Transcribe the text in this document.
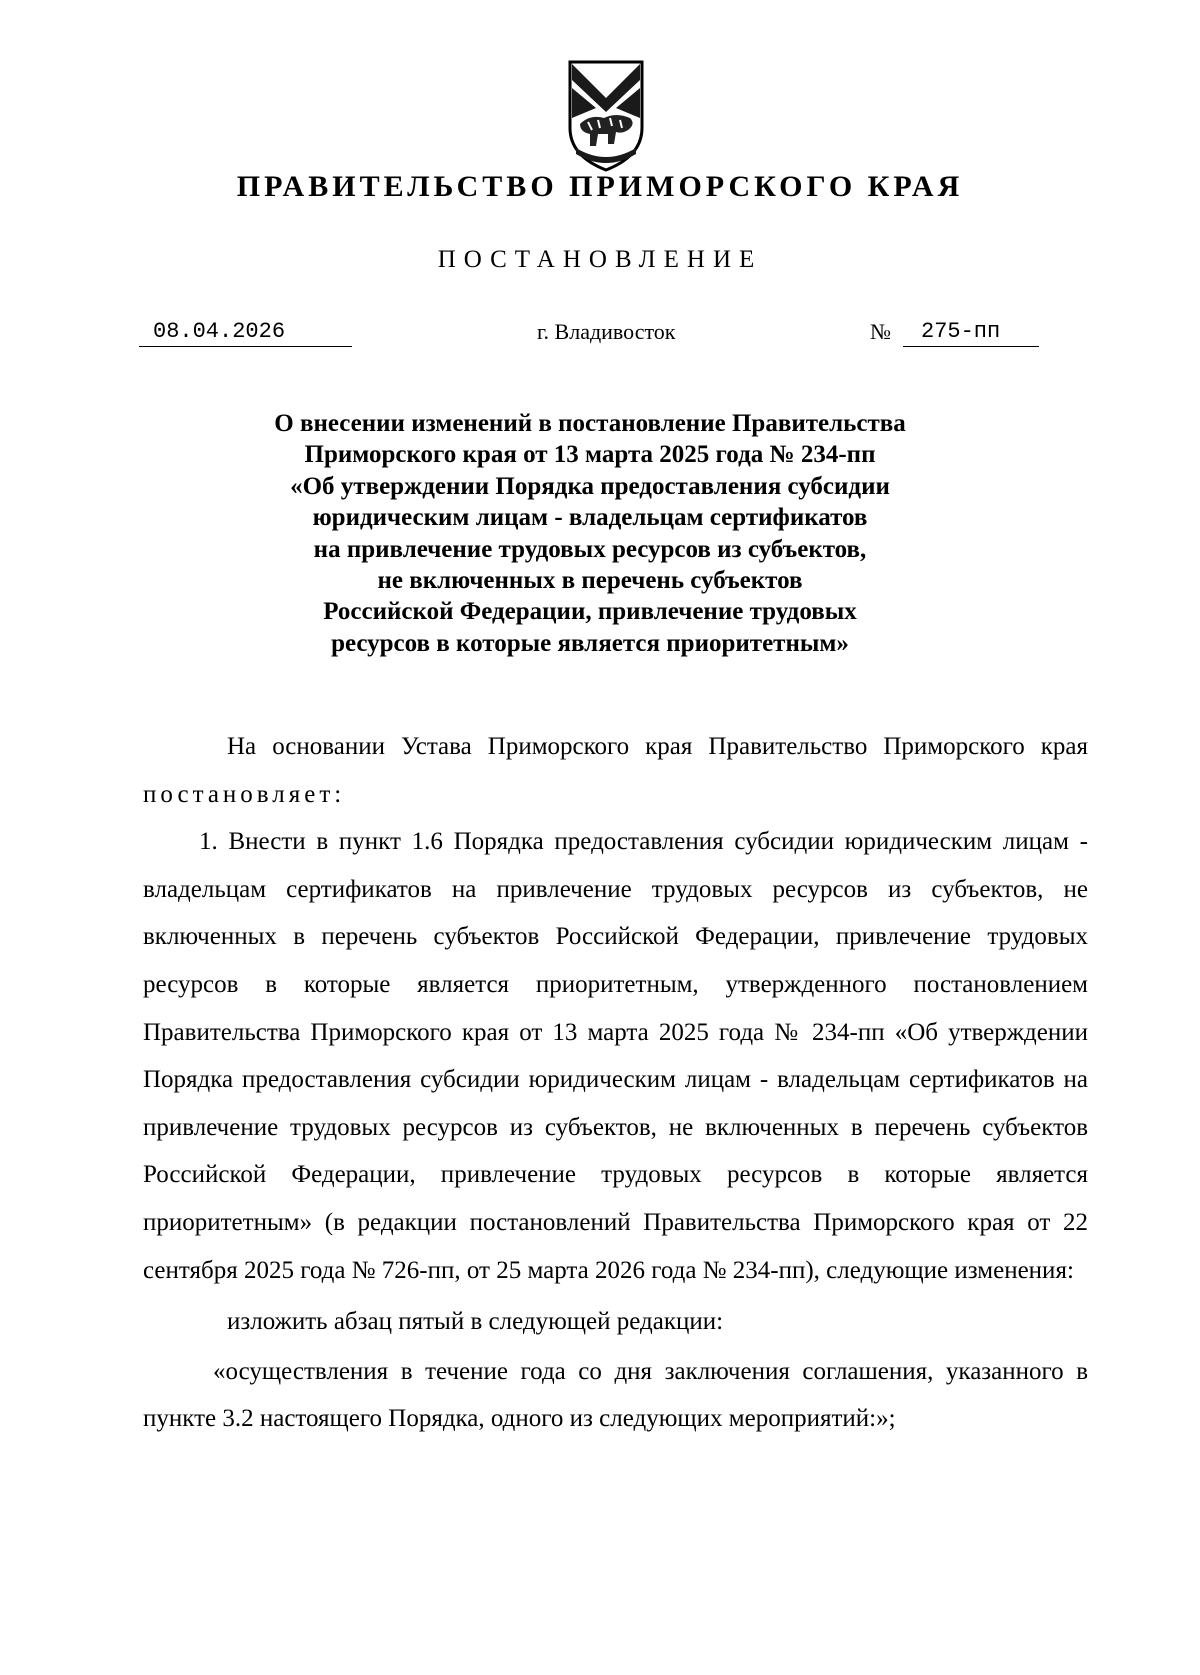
ПРАВИТЕЛЬСТВО ПРИМОРСКОГО КРАЯ
ПОСТАНОВЛЕНИЕ
08.04.2026	г. Владивосток	№	275-пп
О внесении изменений в постановление Правительства
Приморского края от 13 марта 2025 года № 234-пп
«Об утверждении Порядка предоставления субсидии
юридическим лицам - владельцам сертификатов
на привлечение трудовых ресурсов из субъектов,
не включенных в перечень субъектов
Российской Федерации, привлечение трудовых
ресурсов в которые является приоритетным»

На основании Устава Приморского края Правительство Приморского края постановляет:

1. Внести в пункт 1.6 Порядка предоставления субсидии юридическим лицам - владельцам сертификатов на привлечение трудовых ресурсов из субъектов, не включенных в перечень субъектов Российской Федерации, привлечение трудовых ресурсов в которые является приоритетным, утвержденного постановлением Правительства Приморского края от 13 марта 2025 года № 234-пп «Об утверждении Порядка предоставления субсидии юридическим лицам - владельцам сертификатов на привлечение трудовых ресурсов из субъектов, не включенных в перечень субъектов Российской Федерации, привлечение трудовых ресурсов в которые является приоритетным» (в редакции постановлений Правительства Приморского края от 22 сентября 2025 года № 726-пп, от 25 марта 2026 года № 234-пп), следующие изменения:

изложить абзац пятый в следующей редакции:

«осуществления в течение года со дня заключения соглашения, указанного в пункте 3.2 настоящего Порядка, одного из следующих мероприятий:»;
